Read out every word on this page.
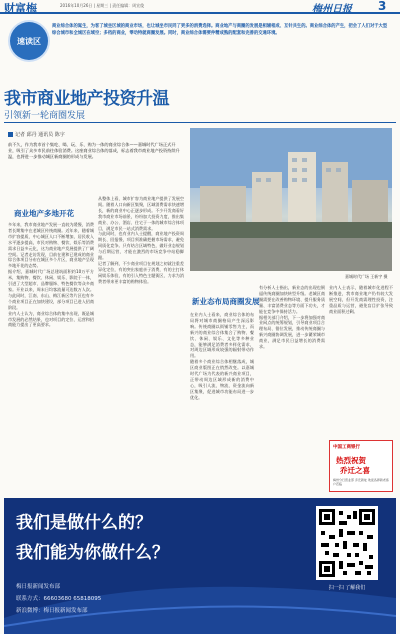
财富梅	2016年10月26日 | 星期三 | 责任编辑：周宣俊	梅州日报 3
速读区
商业综合体的诞生，为客了城坐区城的商业市场，也让城坐市民同了更多的消费选择。商业地产与商圈的发展是相辅相成、互针共生的。商业综合体的产生，把会了人们对于大型综合城市和全城区在域空；多档的商业，零动特就商圈发展。同时，商业综合体需要仲精成熟的配套和完善的交通环境。
我市商业地产投资升温
引领新一轮商圈发展
记者 邱丹 通讯员 陈宇
前不久，作为我市首个集吃、喝、玩、乐、购为一体的商业综合体——嘉城时代广场正式开业，吸引了众多市民前往体验消费。这座商业综合体的落成，标志着我市商业地产投资持续升温，也将进一步推动城区新商圈的形成与发展。
商业地产多地开花

多年来，我市商业地产发展一直较为缓慢，消费者长期集中在老城区传统商圈。近年来，随着城市扩容提质，中心城区人口不断增加，居民收入水平逐步提高，市民对购物、餐饮、娱乐等消费需求日益多元化，这为商业地产发展提供了广阔空间。记者走访发现，目前在建和已建成的商业综合体项目分布在城区多个片区，商业地产呈现多地开花的态势。

据介绍，嘉城时代广场总建筑面积约10万平方米，集购物、餐饮、休闲、娱乐、影院于一体，引进了大型超市、品牌服饰、特色餐饮等众多商家。开业以来，周末日均客流量可达数万人次。与此同时，江南、东山、梅江新区等片区也有多个商业项目正在加快建设，部分项目已进入招商阶段。

业内人士认为，商业综合体的集中出现，既是城市发展的必然结果，也对项目的定位、运营和招商能力提出了更高要求。

从整体上看，城市扩容为商业地产提供了发展空间。随着人口向新区集聚，区域消费需求快速增长，新的商业中心正逐步形成。不少开发商看好我市商业市场前景，纷纷加大投资力度，推出集商业、办公、酒店、住宅于一体的城市综合体项目，满足市民一站式消费需求。

与此同时，也有业内人士提醒，商业地产投资周期长、回报慢，项目须准确把握市场需求，避免同质化竞争。只有结合区域特色，做好业态规划与后期运营，才能在激烈的市场竞争中站稳脚跟。

记者了解到，不少商业项目在规划之初就注重差异化定位，有的突出家庭亲子消费，有的主打休闲娱乐体验，有的引入特色主题街区，力求为消费者带来更丰富的购物体验。

嘉城时代广场 王新宇 摄
新业态布局商圈发展

在业内人士看来，商业综合体的布局将对城市商圈格局产生深远影响。传统商圈以街铺零售为主，而新兴的商业综合体集合了购物、餐饮、休闲、娱乐、文化等多种业态，能够满足消费者多样化需求，对周边区域形成较强的辐射带动作用。

随着多个商业综合体相继落成，城区商业版图正在悄然改变。以嘉城时代广场为代表的新兴商业项目，正带动周边区域形成新的消费中心，吸引人流、物流、资金流向新区集聚，促进城市功能布局进一步优化。

有分析人士指出，新业态的出现也倒逼传统商圈加快转型升级。老城区商圈需要在改善购物环境、提升服务质量、丰富消费业态等方面下功夫，才能在竞争中保持活力。

据相关部门介绍，下一步将加强对商业网点的统筹规划，引导商业项目合理布局、错位发展，推动传统商圈与新兴商圈协调发展，进一步繁荣城市商业，满足市民日益增长的消费需求。

业内人士表示，随着城市化进程不断推进，我市商业地产仍有较大发展空间，但开发商需理性投资，注重品质与运营，避免盲目扩张导致商业面积过剩。

中国工商银行
热烈祝贺
乔迁之喜
梅州分行营业部 乔迁新址 欢迎各界新老客户莅临
我们是做什么的？
我们能为你做什么？
梅日报新闻发布部
联系方式：66603680 65818095
新浪微博：梅日报新闻发布部
扫一扫 了解我们
